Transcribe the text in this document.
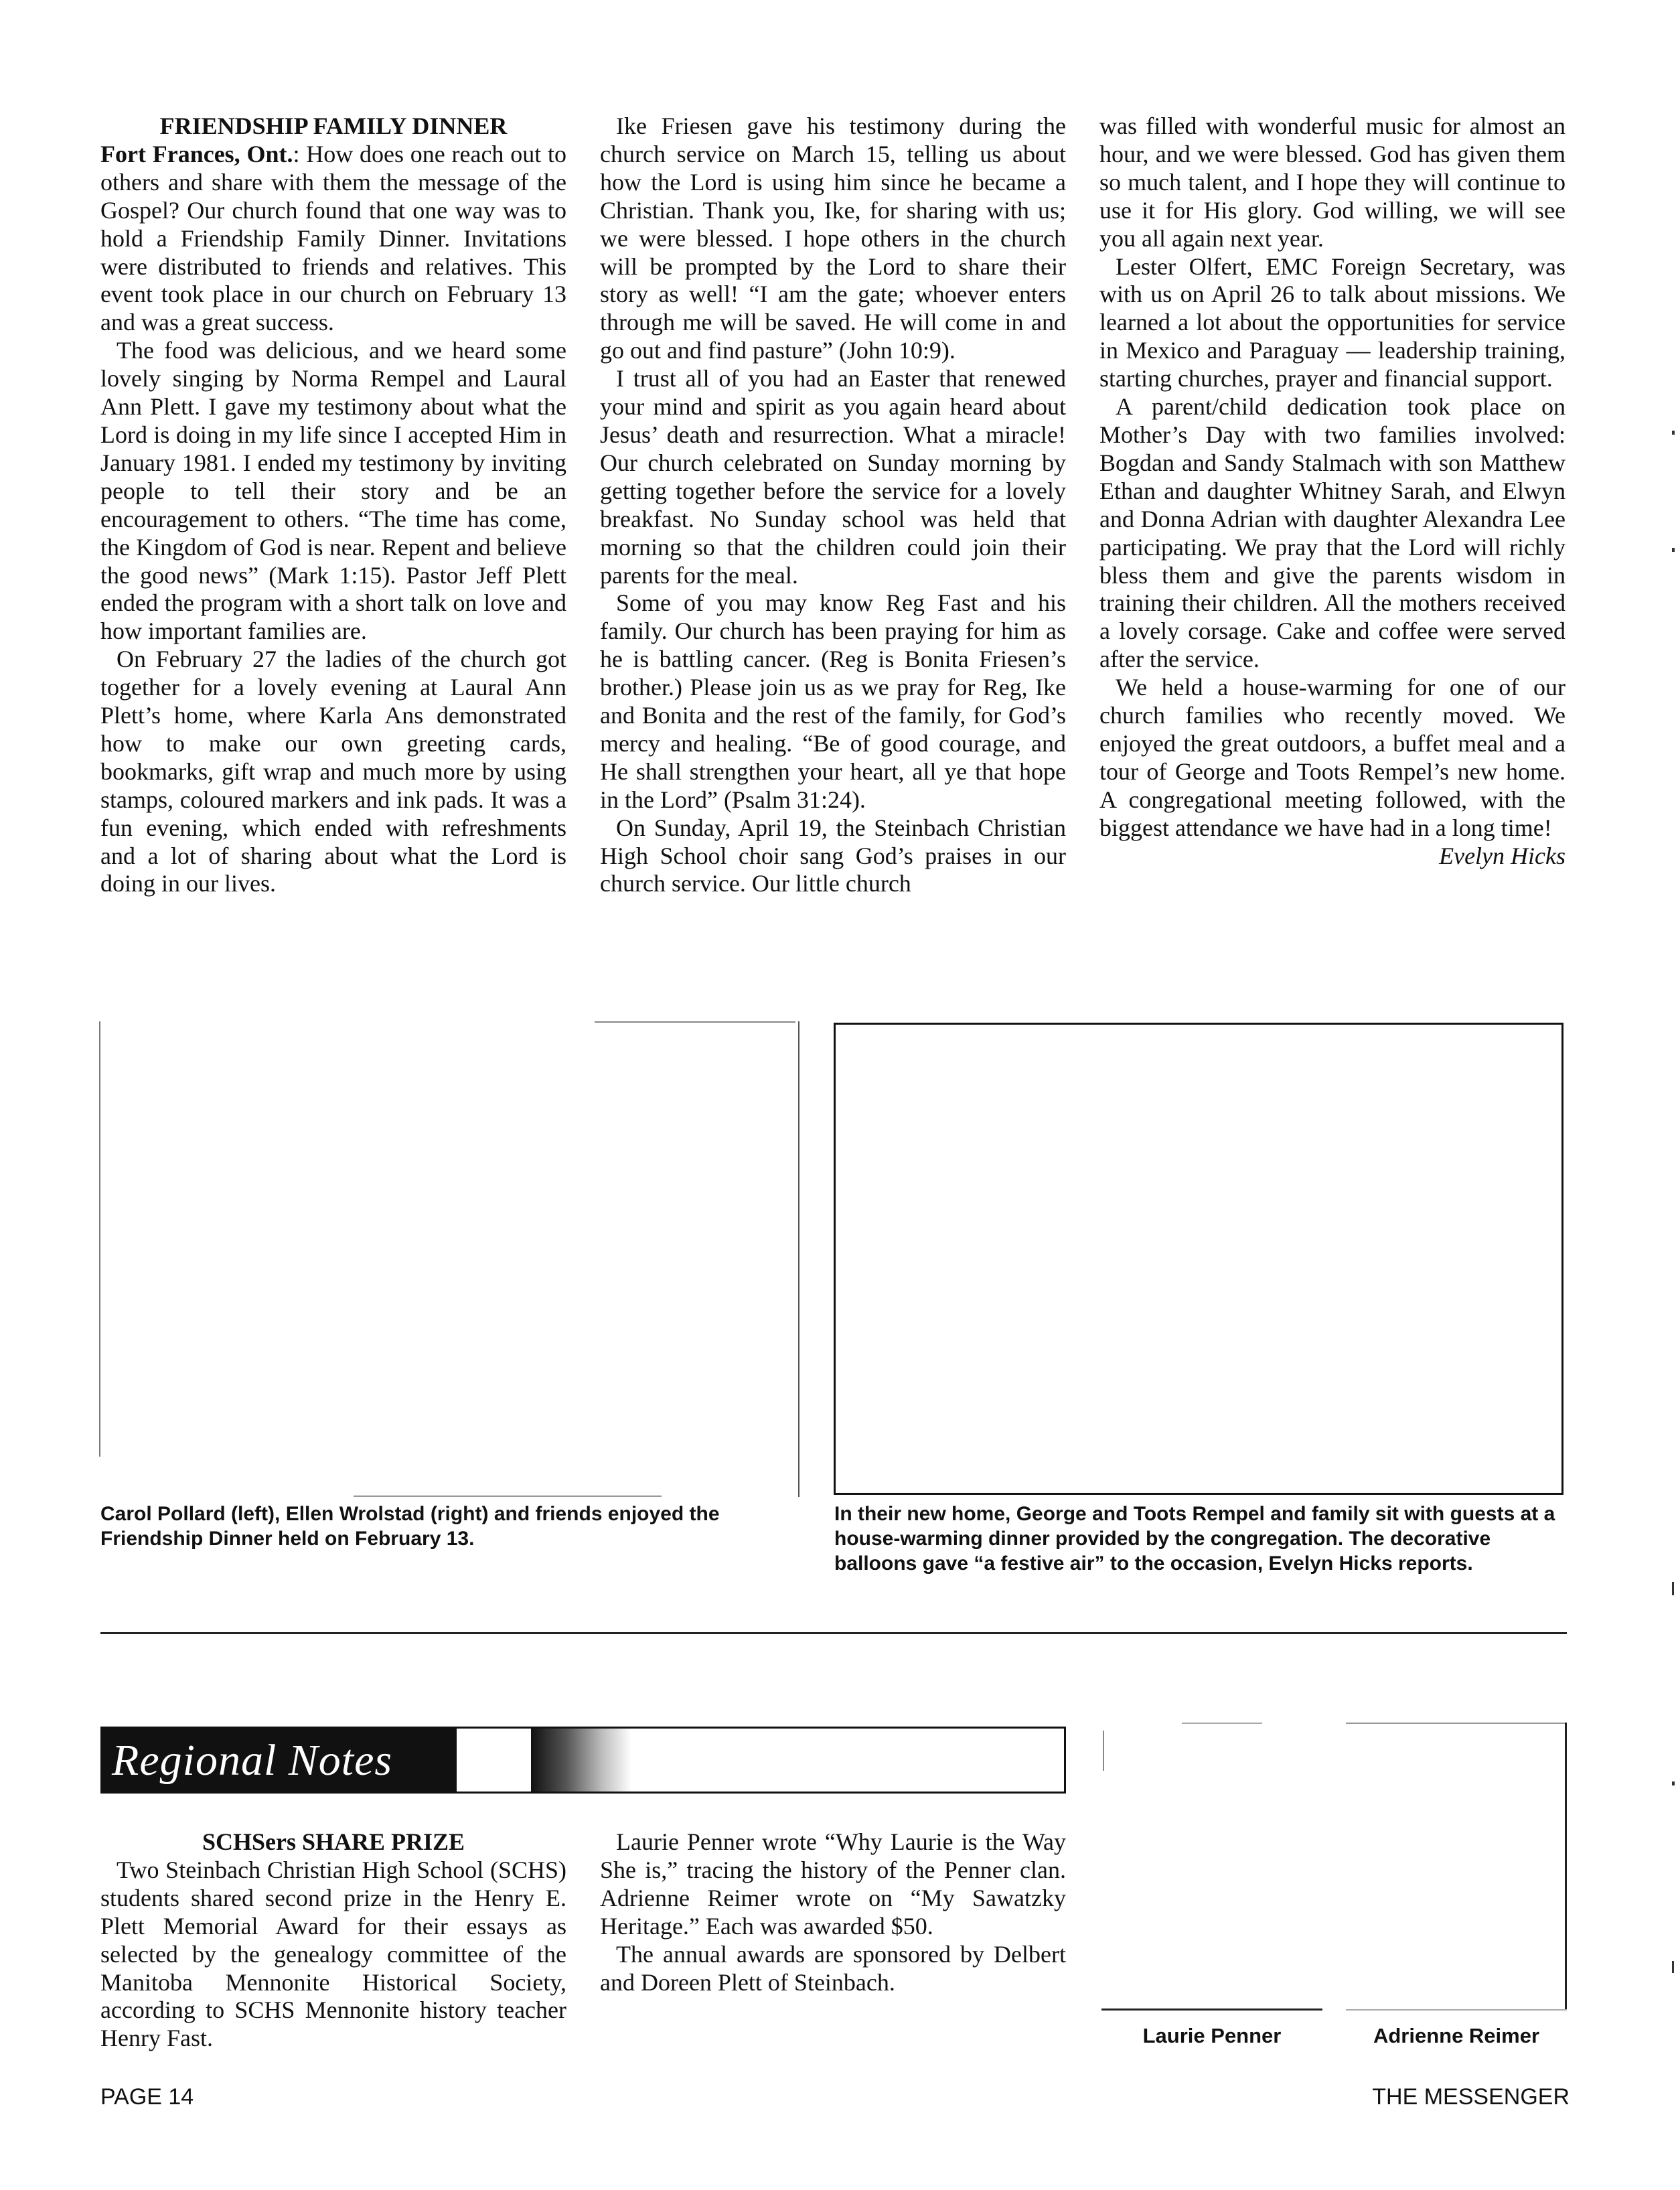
FRIENDSHIP FAMILY DINNER

Fort Frances, Ont.: How does one reach out to others and share with them the message of the Gospel? Our church found that one way was to hold a Friendship Family Dinner. Invitations were distributed to friends and relatives. This event took place in our church on February 13 and was a great success.

The food was delicious, and we heard some lovely singing by Norma Rempel and Laural Ann Plett. I gave my testimony about what the Lord is doing in my life since I accepted Him in January 1981. I ended my testimony by inviting people to tell their story and be an encouragement to others. “The time has come, the Kingdom of God is near. Repent and believe the good news” (Mark 1:15). Pastor Jeff Plett ended the program with a short talk on love and how important families are.

On February 27 the ladies of the church got together for a lovely evening at Laural Ann Plett’s home, where Karla Ans demonstrated how to make our own greeting cards, bookmarks, gift wrap and much more by using stamps, coloured markers and ink pads. It was a fun evening, which ended with refreshments and a lot of sharing about what the Lord is doing in our lives.

Ike Friesen gave his testimony during the church service on March 15, telling us about how the Lord is using him since he became a Christian. Thank you, Ike, for sharing with us; we were blessed. I hope others in the church will be prompted by the Lord to share their story as well! “I am the gate; whoever enters through me will be saved. He will come in and go out and find pasture” (John 10:9).

I trust all of you had an Easter that renewed your mind and spirit as you again heard about Jesus’ death and resurrection. What a miracle! Our church celebrated on Sunday morning by getting together before the service for a lovely breakfast. No Sunday school was held that morning so that the children could join their parents for the meal.

Some of you may know Reg Fast and his family. Our church has been praying for him as he is battling cancer. (Reg is Bonita Friesen’s brother.) Please join us as we pray for Reg, Ike and Bonita and the rest of the family, for God’s mercy and healing. “Be of good courage, and He shall strengthen your heart, all ye that hope in the Lord” (Psalm 31:24).

On Sunday, April 19, the Steinbach Christian High School choir sang God’s praises in our church service. Our little church

was filled with wonderful music for almost an hour, and we were blessed. God has given them so much talent, and I hope they will continue to use it for His glory. God willing, we will see you all again next year.

Lester Olfert, EMC Foreign Secretary, was with us on April 26 to talk about missions. We learned a lot about the opportunities for service in Mexico and Paraguay — leadership training, starting churches, prayer and financial support.

A parent/child dedication took place on Mother’s Day with two families involved: Bogdan and Sandy Stalmach with son Matthew Ethan and daughter Whitney Sarah, and Elwyn and Donna Adrian with daughter Alexandra Lee participating. We pray that the Lord will richly bless them and give the parents wisdom in training their children. All the mothers received a lovely corsage. Cake and coffee were served after the service.

We held a house-warming for one of our church families who recently moved. We enjoyed the great outdoors, a buffet meal and a tour of George and Toots Rempel’s new home. A congregational meeting followed, with the biggest attendance we have had in a long time!

Evelyn Hicks

Carol Pollard (left), Ellen Wrolstad (right) and friends enjoyed the Friendship Dinner held on February 13.

In their new home, George and Toots Rempel and family sit with guests at a house-warming dinner provided by the congregation. The decorative balloons gave “a festive air” to the occasion, Evelyn Hicks reports.

Regional Notes

SCHSers SHARE PRIZE

Two Steinbach Christian High School (SCHS) students shared second prize in the Henry E. Plett Memorial Award for their essays as selected by the genealogy committee of the Manitoba Mennonite Historical Society, according to SCHS Mennonite history teacher Henry Fast.

Laurie Penner wrote “Why Laurie is the Way She is,” tracing the history of the Penner clan. Adrienne Reimer wrote on “My Sawatzky Heritage.” Each was awarded $50.

The annual awards are sponsored by Delbert and Doreen Plett of Steinbach.

Laurie Penner	Adrienne Reimer
PAGE 14	THE MESSENGER
